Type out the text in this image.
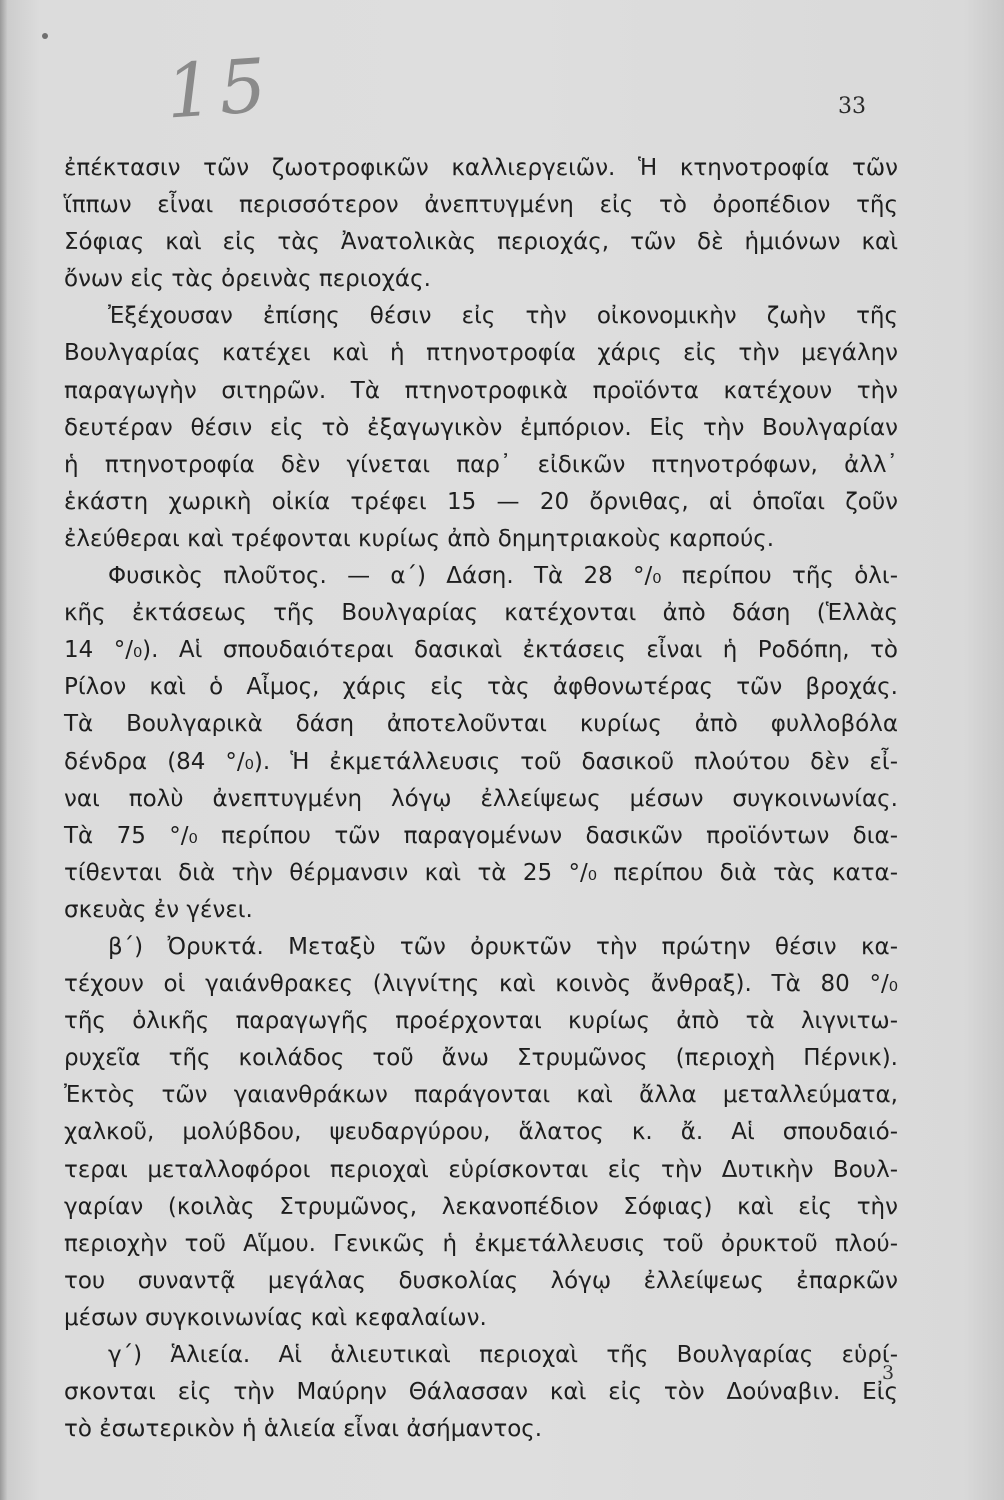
15	33
ἐπέκτασιν τῶν ζωοτροφικῶν καλλιεργειῶν. Ἡ κτηνοτροφία τῶν
ἵππων εἶναι περισσότερον ἀνεπτυγμένη εἰς τὸ ὀροπέδιον τῆς
Σόφιας καὶ εἰς τὰς Ἀνατολικὰς περιοχάς, τῶν δὲ ἡμιόνων καὶ
ὄνων εἰς τὰς ὀρεινὰς περιοχάς.
Ἐξέχουσαν ἐπίσης θέσιν εἰς τὴν οἰκονομικὴν ζωὴν τῆς
Βουλγαρίας κατέχει καὶ ἡ πτηνοτροφία χάρις εἰς τὴν μεγάλην
παραγωγὴν σιτηρῶν. Τὰ πτηνοτροφικὰ προϊόντα κατέχουν τὴν
δευτέραν θέσιν εἰς τὸ ἐξαγωγικὸν ἐμπόριον. Εἰς τὴν Βουλγαρίαν
ἡ πτηνοτροφία δὲν γίνεται παρ᾽ εἰδικῶν πτηνοτρόφων, ἀλλ᾽
ἑκάστη χωρικὴ οἰκία τρέφει 15 — 20 ὄρνιθας, αἱ ὁποῖαι ζοῦν
ἐλεύθεραι καὶ τρέφονται κυρίως ἀπὸ δημητριακοὺς καρπούς.
Φυσικὸς πλοῦτος. — α΄) Δάση. Τὰ 28 °/₀ περίπου τῆς ὁλι-
κῆς ἐκτάσεως τῆς Βουλγαρίας κατέχονται ἀπὸ δάση (Ἑλλὰς
14 °/₀). Αἱ σπουδαιότεραι δασικαὶ ἐκτάσεις εἶναι ἡ Ροδόπη, τὸ
Ρίλον καὶ ὁ Αἶμος, χάρις εἰς τὰς ἀφθονωτέρας τῶν βροχάς.
Τὰ Βουλγαρικὰ δάση ἀποτελοῦνται κυρίως ἀπὸ φυλλοβόλα
δένδρα (84 °/₀). Ἡ ἐκμετάλλευσις τοῦ δασικοῦ πλούτου δὲν εἶ-
ναι πολὺ ἀνεπτυγμένη λόγῳ ἐλλείψεως μέσων συγκοινωνίας.
Τὰ 75 °/₀ περίπου τῶν παραγομένων δασικῶν προϊόντων δια-
τίθενται διὰ τὴν θέρμανσιν καὶ τὰ 25 °/₀ περίπου διὰ τὰς κατα-
σκευὰς ἐν γένει.
β΄) Ὀρυκτά. Μεταξὺ τῶν ὀρυκτῶν τὴν πρώτην θέσιν κα-
τέχουν οἱ γαιάνθρακες (λιγνίτης καὶ κοινὸς ἄνθραξ). Τὰ 80 °/₀
τῆς ὁλικῆς παραγωγῆς προέρχονται κυρίως ἀπὸ τὰ λιγνιτω-
ρυχεῖα τῆς κοιλάδος τοῦ ἄνω Στρυμῶνος (περιοχὴ Πέρνικ).
Ἐκτὸς τῶν γαιανθράκων παράγονται καὶ ἄλλα μεταλλεύματα,
χαλκοῦ, μολύβδου, ψευδαργύρου, ἅλατος κ. ἄ. Αἱ σπουδαιό-
τεραι μεταλλοφόροι περιοχαὶ εὑρίσκονται εἰς τὴν Δυτικὴν Βουλ-
γαρίαν (κοιλὰς Στρυμῶνος, λεκανοπέδιον Σόφιας) καὶ εἰς τὴν
περιοχὴν τοῦ Αἵμου. Γενικῶς ἡ ἐκμετάλλευσις τοῦ ὀρυκτοῦ πλού-
του συναντᾷ μεγάλας δυσκολίας λόγῳ ἐλλείψεως ἐπαρκῶν
μέσων συγκοινωνίας καὶ κεφαλαίων.
γ΄) Ἁλιεία. Αἱ ἁλιευτικαὶ περιοχαὶ τῆς Βουλγαρίας εὑρί-
σκονται εἰς τὴν Μαύρην Θάλασσαν καὶ εἰς τὸν Δούναβιν. Εἰς
τὸ ἐσωτερικὸν ἡ ἁλιεία εἶναι ἀσήμαντος.
3
